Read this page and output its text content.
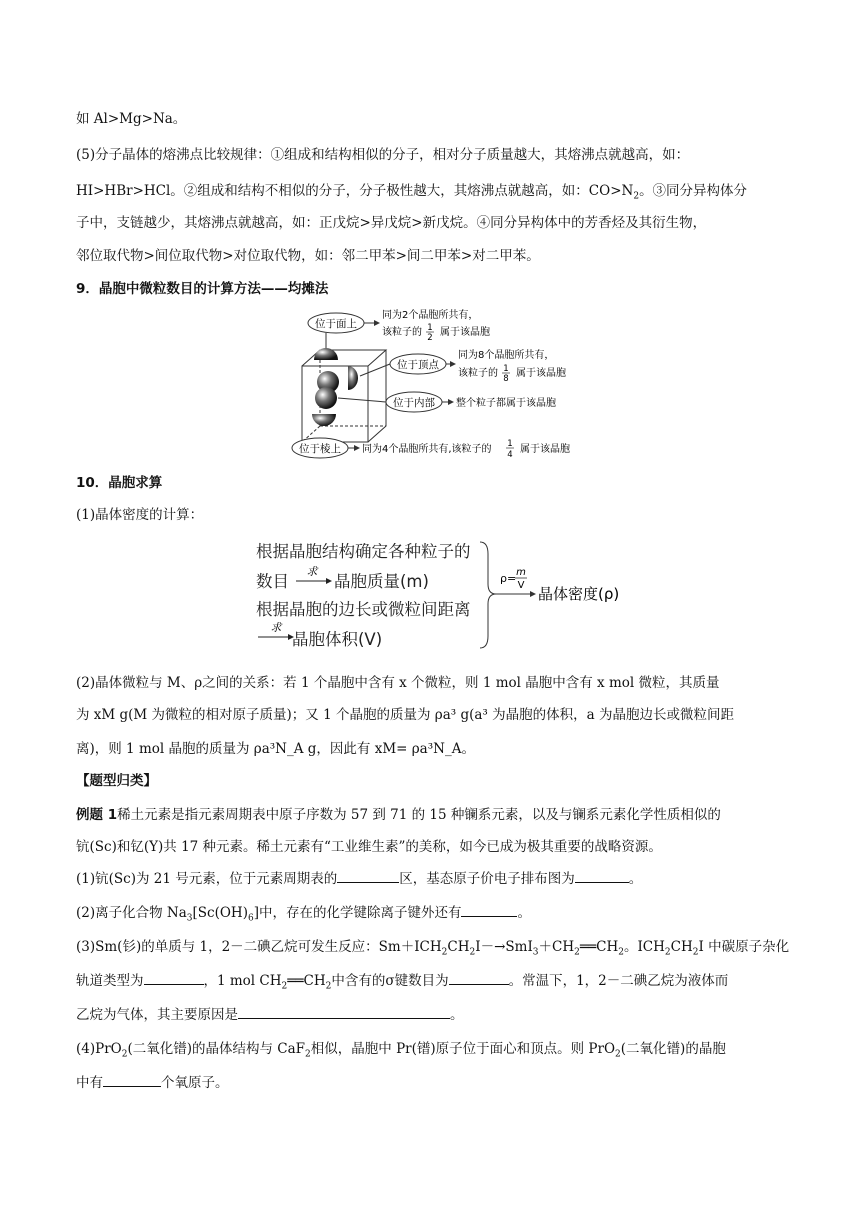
如 Al>Mg>Na。
(5)分子晶体的熔沸点比较规律：①组成和结构相似的分子，相对分子质量越大，其熔沸点就越高，如：
HI>HBr>HCl。②组成和结构不相似的分子，分子极性越大，其熔沸点就越高，如：$CO>N_2$。③同分异构体分
子中，支链越少，其熔沸点就越高，如：正戊烷>异戊烷>新戊烷。④同分异构体中的芳香烃及其衍生物，
邻位取代物>间位取代物>对位取代物，如：邻二甲苯>间二甲苯>对二甲苯。
9．晶胞中微粒数目的计算方法——均摊法
位于面上
同为2个晶胞所共有，
该粒子的 1
2 属于该晶胞
位于顶点
同为8个晶胞所共有，
该粒子的 1
8 属于该晶胞
位于内部 整个粒子都属于该晶胞
位于棱上 同为4个晶胞所共有,该粒子的 1
4 属于该晶胞
10．晶胞求算
(1)晶体密度的计算：
根据晶胞结构确定各种粒子的
数目
求
晶胞质量(m)
根据晶胞的边长或微粒间距离
求
晶胞体积(V)
ρ= m
V 晶体密度(ρ)
(2)晶体微粒与 M、ρ之间的关系：若 1 个晶胞中含有 x 个微粒，则 1 mol 晶胞中含有 x mol 微粒，其质量
为 xM g(M 为微粒的相对原子质量)；又 1 个晶胞的质量为 ρa³ g(a³ 为晶胞的体积，a 为晶胞边长或微粒间距
离)，则 1 mol 晶胞的质量为 ρa³N_A g，因此有 xM= ρa³N_A。
【题型归类】
例题 1稀土元素是指元素周期表中原子序数为 57 到 71 的 15 种镧系元素，以及与镧系元素化学性质相似的
钪(Sc)和钇(Y)共 17 种元素。稀土元素有“工业维生素”的美称，如今已成为极其重要的战略资源。
(1)钪(Sc)为 21 号元素，位于元素周期表的	区，基态原子价电子排布图为	。
(2)离子化合物 $Na_3[Sc(OH)_6]$中，存在的化学键除离子键外还有	。
(3)Sm(钐)的单质与 1，2－二碘乙烷可发生反应：$Sm+ICH_2CH_2I-\to SmI_3+CH_2══CH_2$。$ICH_2CH_2I$ 中碳原子杂化
轨道类型为	，1 mol $CH_2══CH_2$中含有的σ键数目为	。常温下，1，2－二碘乙烷为液体而
乙烷为气体，其主要原因是	。
(4)PrO$_2$(二氧化镨)的晶体结构与 CaF$_2$相似，晶胞中 Pr(镨)原子位于面心和顶点。则 PrO$_2$(二氧化镨)的晶胞
中有	个氧原子。
